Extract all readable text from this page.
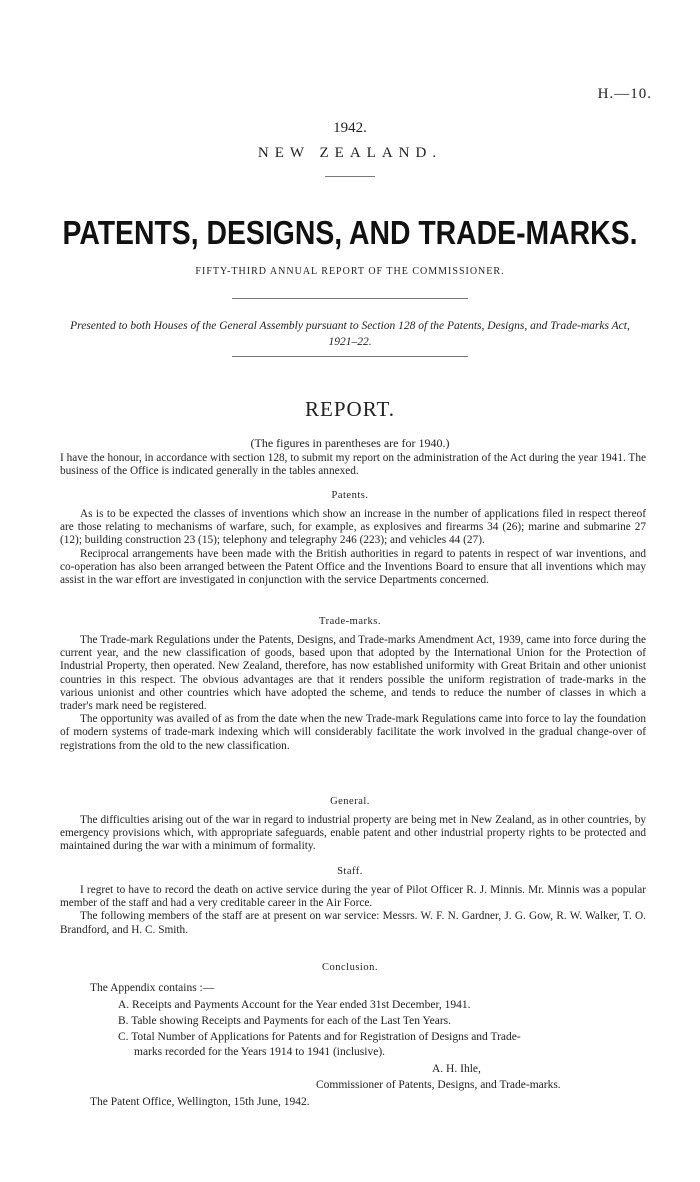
H.—10.
1942.
NEW ZEALAND.
PATENTS, DESIGNS, AND TRADE-MARKS.
FIFTY-THIRD ANNUAL REPORT OF THE COMMISSIONER.
Presented to both Houses of the General Assembly pursuant to Section 128 of the Patents, Designs, and Trade-marks Act, 1921–22.
REPORT.
(The figures in parentheses are for 1940.)

I have the honour, in accordance with section 128, to submit my report on the administration of the Act during the year 1941. The business of the Office is indicated generally in the tables annexed.

Patents.

As is to be expected the classes of inventions which show an increase in the number of applications filed in respect thereof are those relating to mechanisms of warfare, such, for example, as explosives and firearms 34 (26); marine and submarine 27 (12); building construction 23 (15); telephony and telegraphy 246 (223); and vehicles 44 (27).

Reciprocal arrangements have been made with the British authorities in regard to patents in respect of war inventions, and co-operation has also been arranged between the Patent Office and the Inventions Board to ensure that all inventions which may assist in the war effort are investigated in conjunction with the service Departments concerned.

Trade-marks.

The Trade-mark Regulations under the Patents, Designs, and Trade-marks Amendment Act, 1939, came into force during the current year, and the new classification of goods, based upon that adopted by the International Union for the Protection of Industrial Property, then operated. New Zealand, therefore, has now established uniformity with Great Britain and other unionist countries in this respect. The obvious advantages are that it renders possible the uniform registration of trade-marks in the various unionist and other countries which have adopted the scheme, and tends to reduce the number of classes in which a trader's mark need be registered.

The opportunity was availed of as from the date when the new Trade-mark Regulations came into force to lay the foundation of modern systems of trade-mark indexing which will considerably facilitate the work involved in the gradual change-over of registrations from the old to the new classification.

General.

The difficulties arising out of the war in regard to industrial property are being met in New Zealand, as in other countries, by emergency provisions which, with appropriate safeguards, enable patent and other industrial property rights to be protected and maintained during the war with a minimum of formality.

Staff.

I regret to have to record the death on active service during the year of Pilot Officer R. J. Minnis. Mr. Minnis was a popular member of the staff and had a very creditable career in the Air Force.

The following members of the staff are at present on war service: Messrs. W. F. N. Gardner, J. G. Gow, R. W. Walker, T. O. Brandford, and H. C. Smith.

Conclusion.
The Appendix contains :—
A. Receipts and Payments Account for the Year ended 31st December, 1941.
B. Table showing Receipts and Payments for each of the Last Ten Years.
C. Total Number of Applications for Patents and for Registration of Designs and Trade-
marks recorded for the Years 1914 to 1941 (inclusive).
A. H. Ihle,
Commissioner of Patents, Designs, and Trade-marks.
The Patent Office, Wellington, 15th June, 1942.
